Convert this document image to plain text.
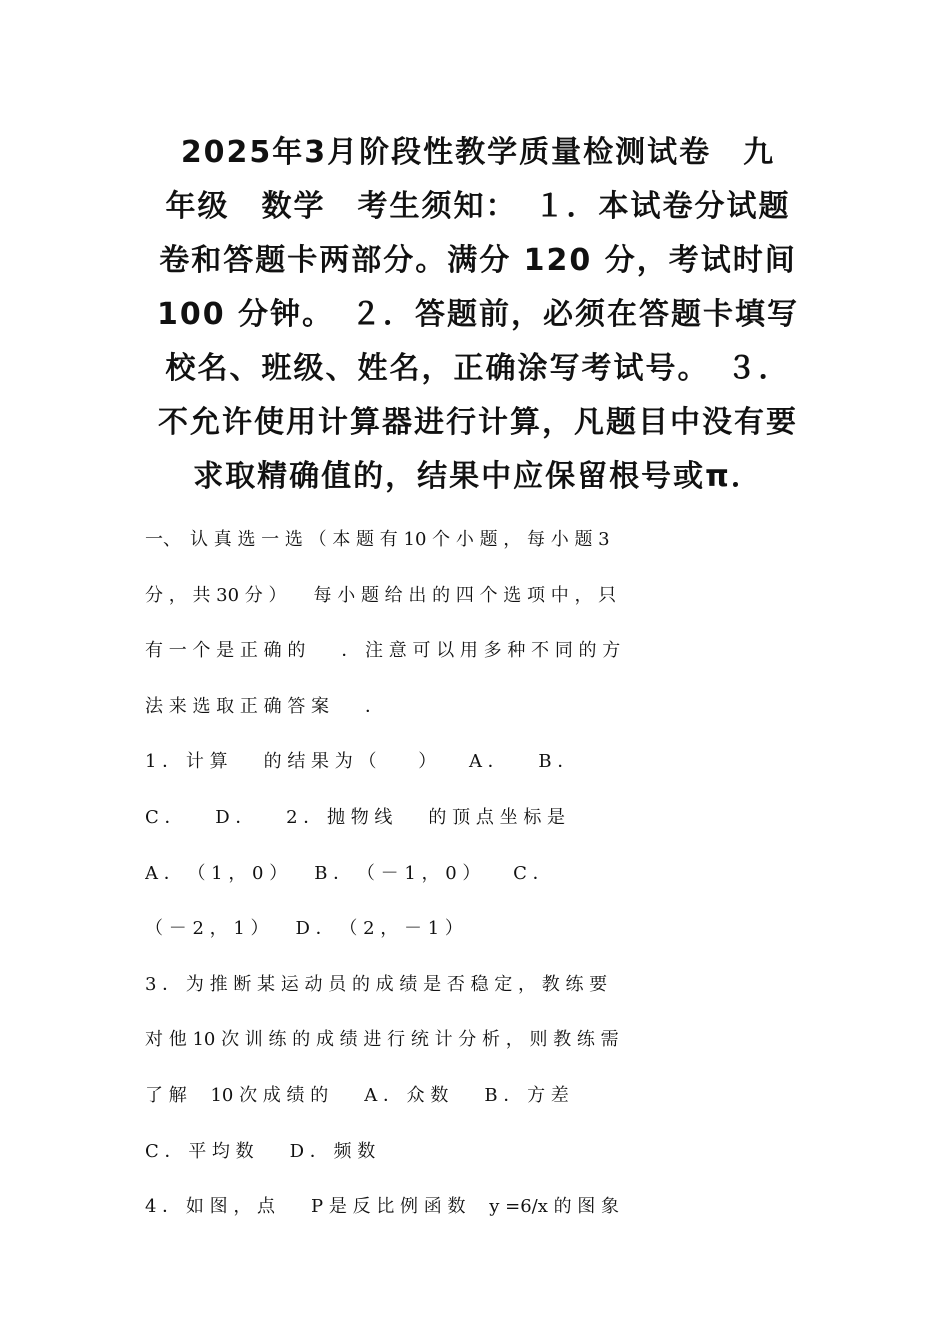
2025年3月阶段性教学质量检测试卷　九
年级　数学　考生须知：　１．本试卷分试题
卷和答题卡两部分。满分 120 分，考试时间
100 分钟。　２．答题前，必须在答题卡填写
校名、班级、姓名，正确涂写考试号。　３．
不允许使用计算器进行计算，凡题目中没有要
求取精确值的，结果中应保留根号或π．
一、　认 真 选 一 选 （ 本 题 有 10 个 小 题 ， 每 小 题 3
分 ， 共 30 分 ）　　每 小 题 给 出 的 四 个 选 项 中 ， 只
有 一 个 是 正 确 的　　． 注 意 可 以 用 多 种 不 同 的 方
法 来 选 取 正 确 答 案　　．
1 ． 计 算　　的 结 果 为 （　　 ）　　 A ．　　 B ．
C ．　　 D ．　　 2 ． 抛 物 线　　的 顶 点 坐 标 是
A ． （ 1 ， 0 ）　　B ． （ － 1 ， 0 ）　　 C ．
（ － 2 ， 1 ）　　D ． （ 2 ， － 1 ）
3 ． 为 推 断 某 运 动 员 的 成 绩 是 否 稳 定 ， 教 练 要
对 他 10 次 训 练 的 成 绩 进 行 统 计 分 析 ， 则 教 练 需
了 解　 10 次 成 绩 的　　A ． 众 数　　B ． 方 差
C ． 平 均 数　　D ． 频 数
4 ． 如 图 ， 点　　P 是 反 比 例 函 数　 y =6/x 的 图 象
